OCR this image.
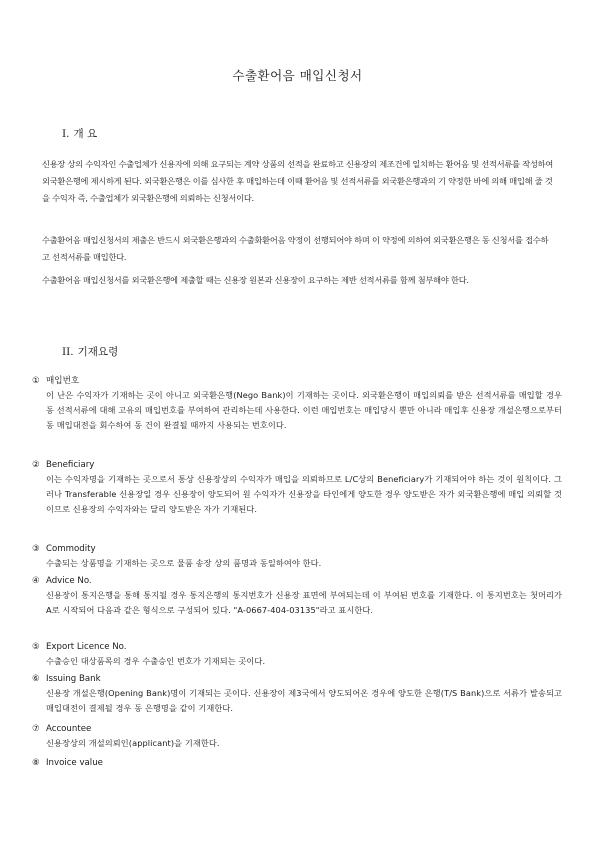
수출환어음 매입신청서
I. 개 요

신용장 상의 수익자인 수출업체가 신용자에 의해 요구되는 계약 상품의 선적을 완료하고 신용장의 제조건에 일치하는 환어음 및 선적서류를 작성하여 외국환은행에 제시하게 된다. 외국환은행은 이를 심사한 후 매입하는데 이때 환어음 및 선적서류를 외국환은행과의 기 약정한 바에 의해 매입해 줄 것을 수익자 즉, 수출업체가 외국환은행에 의뢰하는 신청서이다.

수출환어음 매입신청서의 제출은 반드시 외국환은행과의 수출화환어음 약정이 선행되어야 하며 이 약정에 의하여 외국환은행은 동 신청서를 접수하고 선적서류를 매입한다.

수출환어음 매입신청서를 외국환은행에 제출할 때는 신용장 원본과 신용장이 요구하는 제반 선적서류를 함께 첨부해야 한다.

II. 기재요령
① 매입번호

이 난은 수익자가 기재하는 곳이 아니고 외국환은행(Nego Bank)이 기재하는 곳이다. 외국환은행이 매입의뢰를 받은 선적서류를 매입할 경우 동 선적서류에 대해 고유의 매입번호를 부여하여 관리하는데 사용한다. 이런 매입번호는 매입당시 뿐만 아니라 매입후 신용장 개설은행으로부터 동 매입대전을 회수하여 동 건이 완결될 때까지 사용되는 번호이다.

② Beneficiary

이는 수익자명을 기재하는 곳으로서 통상 신용장상의 수익자가 매입을 의뢰하므로 L/C상의 Beneficiary가 기재되어야 하는 것이 원칙이다. 그러나 Transferable 신용장일 경우 신용장이 양도되어 원 수익자가 신용장을 타인에게 양도한 경우 양도받은 자가 외국환은행에 매입 의뢰할 것이므로 신용장의 수익자와는 달리 양도받은 자가 기재된다.

③ Commodity

수출되는 상품명을 기재하는 곳으로 물품 송장 상의 품명과 동일하여야 한다.

④ Advice No.

신용장이 통지은행을 통해 통지될 경우 통지은행의 통지번호가 신용장 표면에 부여되는데 이 부여된 번호를 기재한다. 이 통지번호는 첫머리가 A로 시작되어 다음과 같은 형식으로 구성되어 있다. "A-0667-404-03135"라고 표시한다.

⑤ Export Licence No.

수출승인 대상품목의 경우 수출승인 번호가 기재되는 곳이다.

⑥ Issuing Bank

신용장 개설은행(Opening Bank)명이 기재되는 곳이다. 신용장이 제3국에서 양도되어온 경우에 양도한 은행(T/S Bank)으로 서류가 발송되고 매입대전이 결제될 경우 동 은행명을 같이 기재한다.

⑦ Accountee

신용장상의 개설의뢰인(applicant)을 기재한다.

⑧ Invoice value
